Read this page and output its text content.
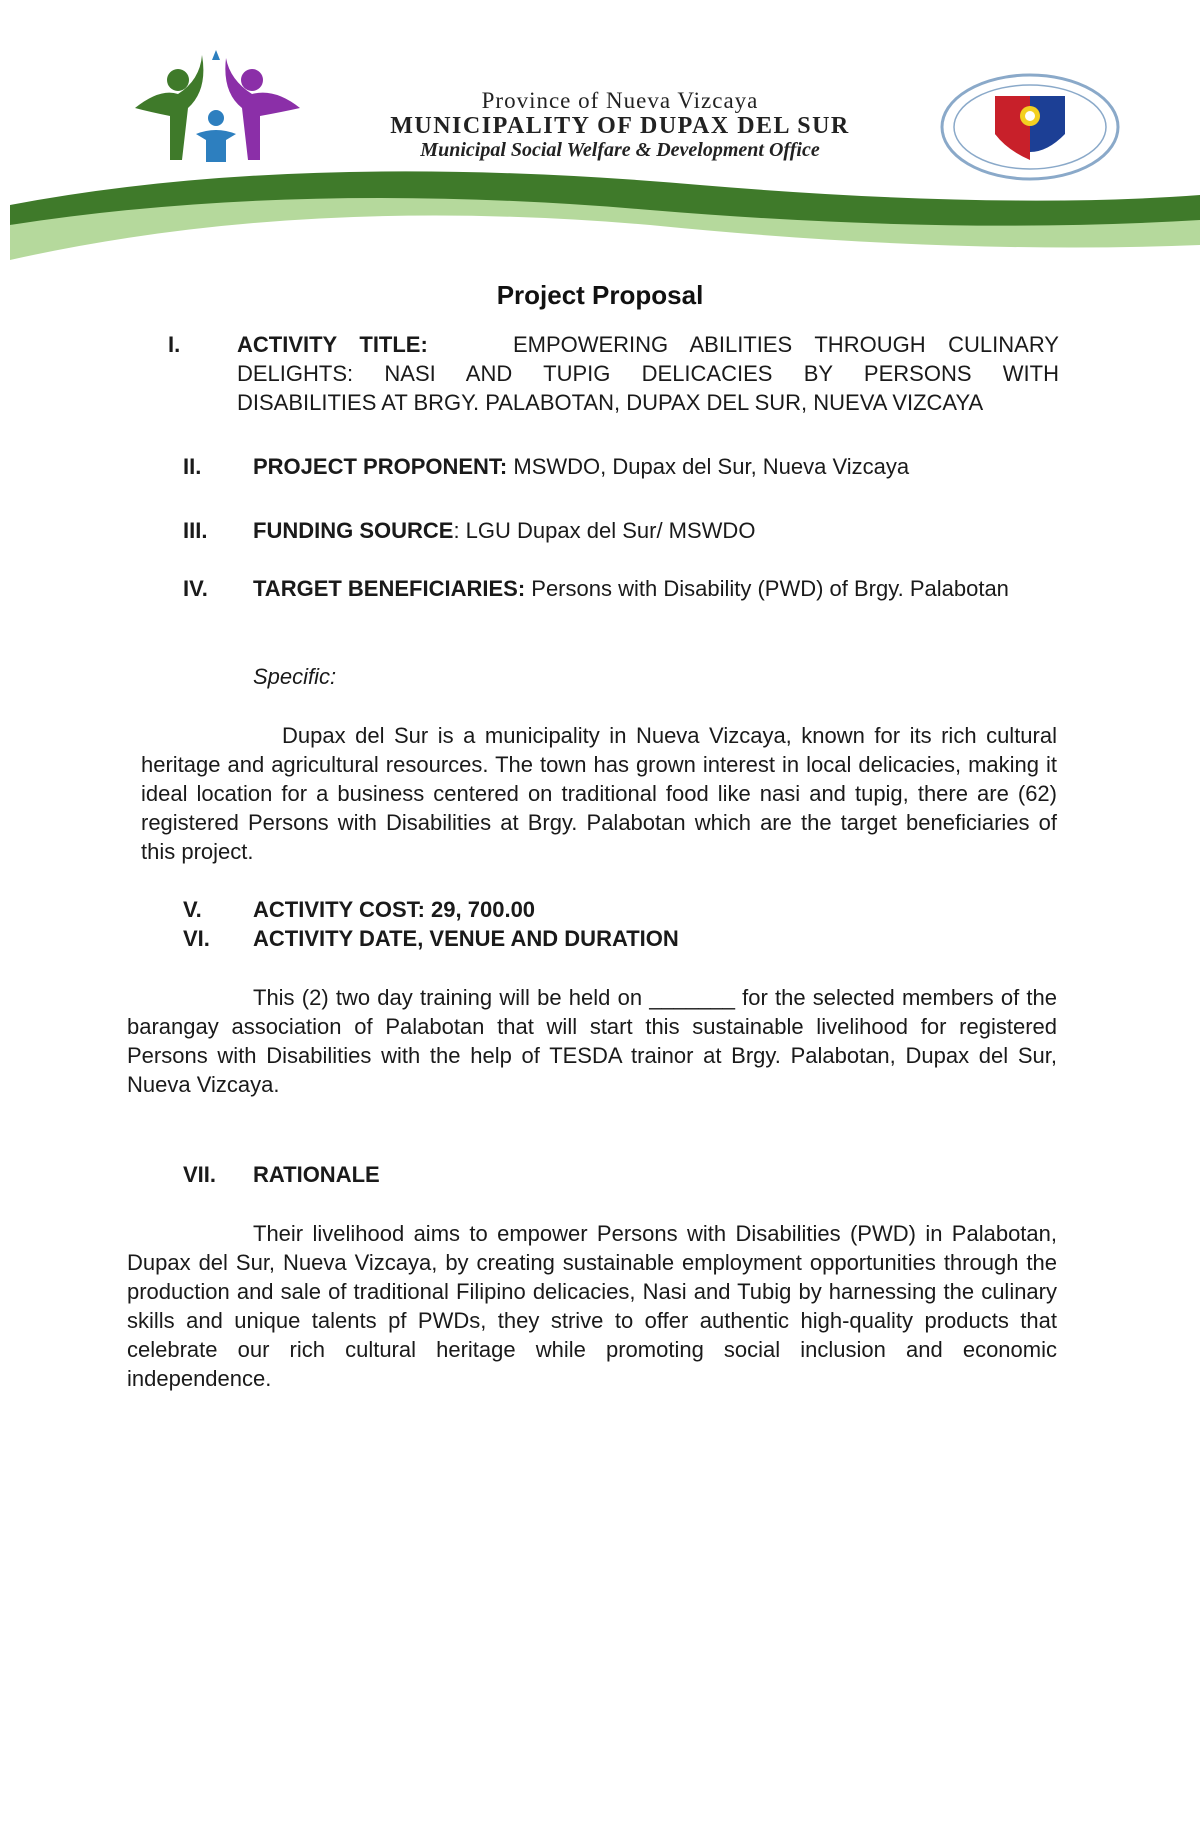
Province of Nueva Vizcaya
MUNICIPALITY OF DUPAX DEL SUR
Municipal Social Welfare & Development Office
Project Proposal
I.	ACTIVITY TITLE:	EMPOWERING ABILITIES THROUGH CULINARY
DELIGHTS: NASI AND TUPIG DELICACIES BY PERSONS WITH
DISABILITIES AT BRGY. PALABOTAN, DUPAX DEL SUR, NUEVA VIZCAYA
II. PROJECT PROPONENT: MSWDO, Dupax del Sur, Nueva Vizcaya
III. FUNDING SOURCE: LGU Dupax del Sur/ MSWDO
IV. TARGET BENEFICIARIES: Persons with Disability (PWD) of Brgy. Palabotan
Specific:
Dupax del Sur is a municipality in Nueva Vizcaya, known for its rich cultural heritage and agricultural resources. The town has grown interest in local delicacies, making it ideal location for a business centered on traditional food like nasi and tupig, there are (62) registered Persons with Disabilities at Brgy. Palabotan which are the target beneficiaries of this project.
V. ACTIVITY COST: 29, 700.00
VI. ACTIVITY DATE, VENUE AND DURATION
This (2) two day training will be held on _______ for the selected members of the barangay association of Palabotan that will start this sustainable livelihood for registered Persons with Disabilities with the help of TESDA trainor at Brgy. Palabotan, Dupax del Sur, Nueva Vizcaya.
VII. RATIONALE
Their livelihood aims to empower Persons with Disabilities (PWD) in Palabotan, Dupax del Sur, Nueva Vizcaya, by creating sustainable employment opportunities through the production and sale of traditional Filipino delicacies, Nasi and Tubig by harnessing the culinary skills and unique talents pf PWDs, they strive to offer authentic high-quality products that celebrate our rich cultural heritage while promoting social inclusion and economic independence.
